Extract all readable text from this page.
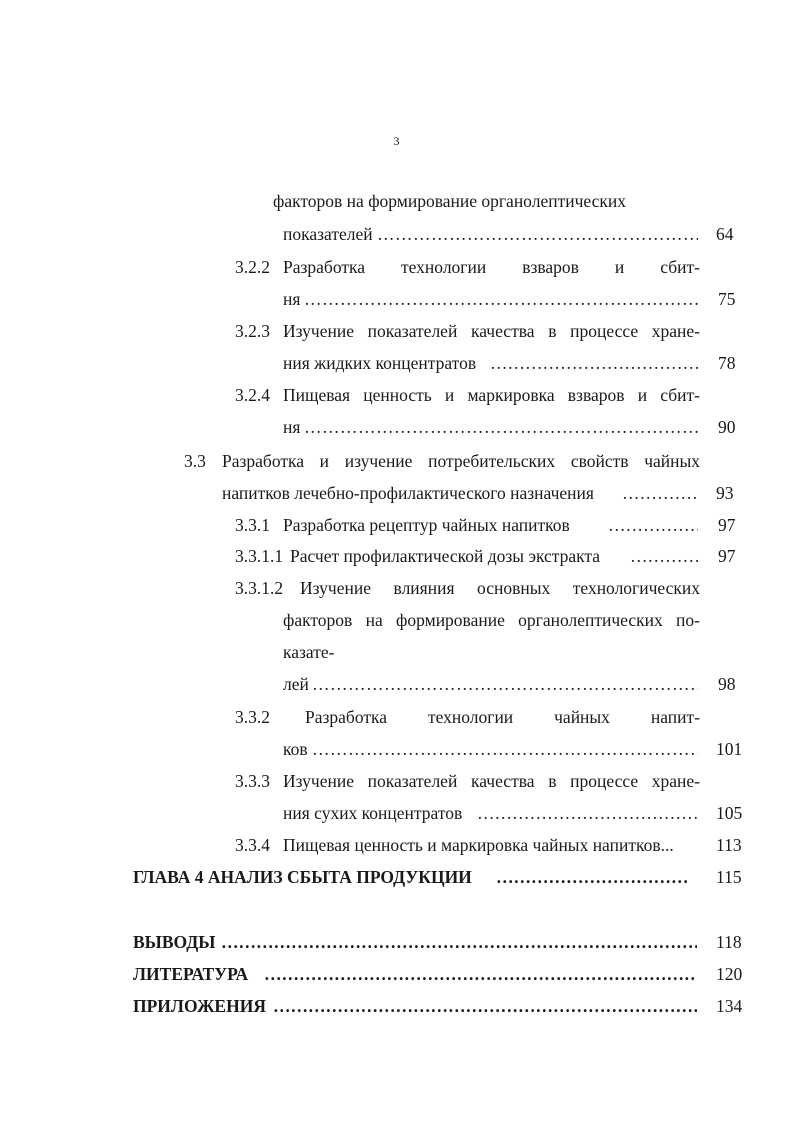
3
факторов на формирование органолептических
показателей …………………………………………………………………………………………………………………………………………………………………	64
3.2.2 Разработка технологии взваров и сбит-
ня …………………………………………………………………………………………………………………………………………………………………	75
3.2.3 Изучение показателей качества в процессе хране-
ния жидких концентратов …………………………………………………………………………………………………………………………………………………………………	78
3.2.4 Пищевая ценность и маркировка взваров и сбит-
ня …………………………………………………………………………………………………………………………………………………………………	90
3.3 Разработка и изучение потребительских свойств чайных
напитков лечебно-профилактического назначения …………………………………………………………………………………………………………………………………………………………………	93
3.3.1 Разработка рецептур чайных напитков …………………………………………………………………………………………………………………………………………………………………	97
3.3.1.1 Расчет профилактической дозы экстракта …………………………………………………………………………………………………………………………………………………………………	97
3.3.1.2 Изучение влияния основных технологических
факторов на формирование органолептических по-
казате-
лей …………………………………………………………………………………………………………………………………………………………………	98
3.3.2 Разработка технологии чайных напит-
ков …………………………………………………………………………………………………………………………………………………………………	101
3.3.3 Изучение показателей качества в процессе хране-
ния сухих концентратов …………………………………………………………………………………………………………………………………………………………………	105
3.3.4 Пищевая ценность и маркировка чайных напитков... 113
ГЛАВА 4 АНАЛИЗ СБЫТА ПРОДУКЦИИ …………………………………………………………………………………………………………………………………………………………………	115
ВЫВОДЫ …………………………………………………………………………………………………………………………………………………………………	118
ЛИТЕРАТУРА …………………………………………………………………………………………………………………………………………………………………	120
ПРИЛОЖЕНИЯ …………………………………………………………………………………………………………………………………………………………………	134
